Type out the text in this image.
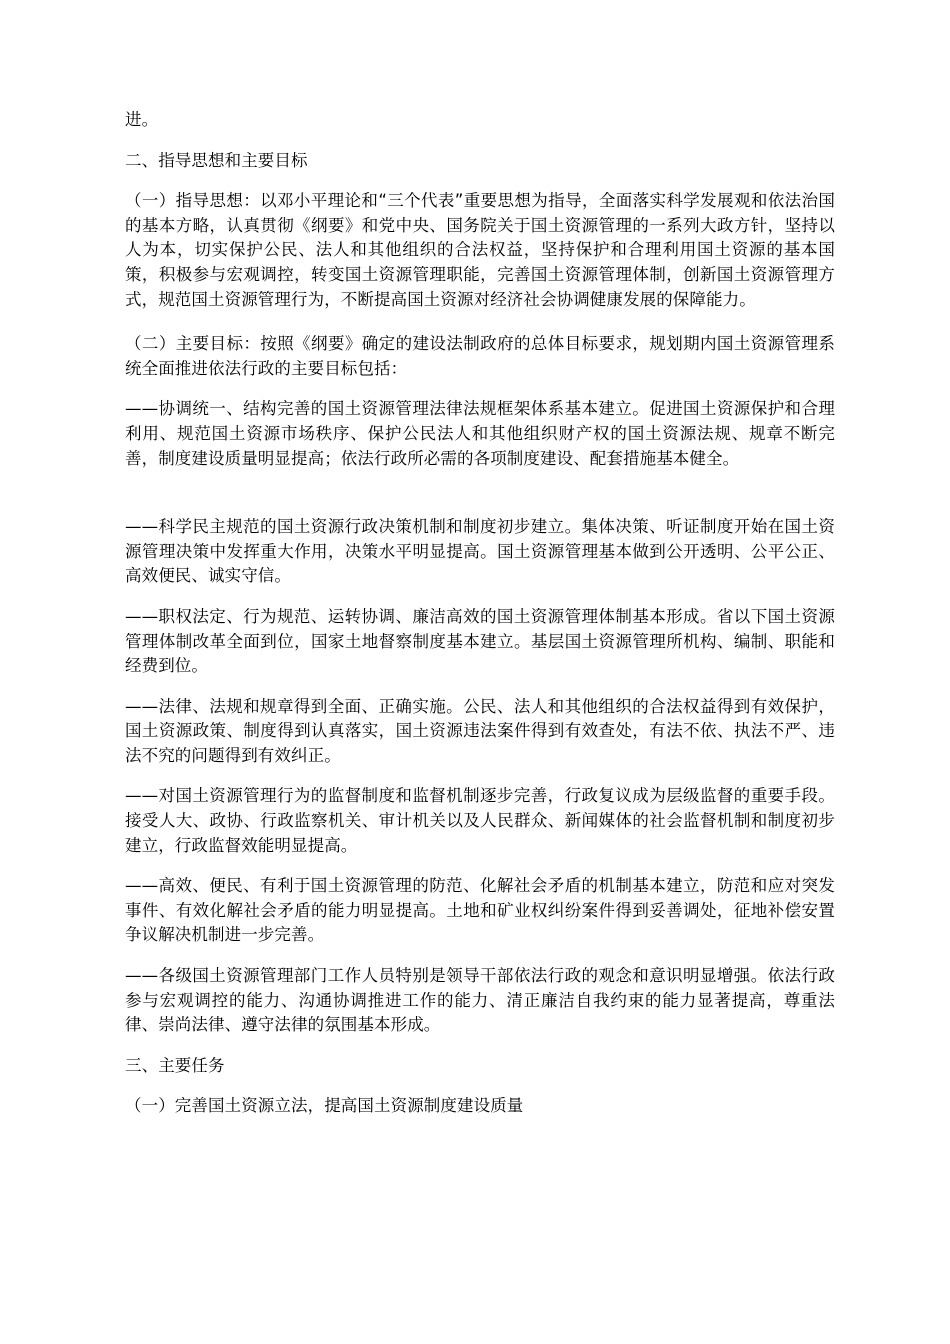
进。

二、指导思想和主要目标

（一）指导思想：以邓小平理论和“三个代表”重要思想为指导，全面落实科学发展观和依法治国的基本方略，认真贯彻《纲要》和党中央、国务院关于国土资源管理的一系列大政方针，坚持以人为本，切实保护公民、法人和其他组织的合法权益，坚持保护和合理利用国土资源的基本国策，积极参与宏观调控，转变国土资源管理职能，完善国土资源管理体制，创新国土资源管理方式，规范国土资源管理行为，不断提高国土资源对经济社会协调健康发展的保障能力。

（二）主要目标：按照《纲要》确定的建设法制政府的总体目标要求，规划期内国土资源管理系统全面推进依法行政的主要目标包括：

——协调统一、结构完善的国土资源管理法律法规框架体系基本建立。促进国土资源保护和合理利用、规范国土资源市场秩序、保护公民法人和其他组织财产权的国土资源法规、规章不断完善，制度建设质量明显提高；依法行政所必需的各项制度建设、配套措施基本健全。

——科学民主规范的国土资源行政决策机制和制度初步建立。集体决策、听证制度开始在国土资源管理决策中发挥重大作用，决策水平明显提高。国土资源管理基本做到公开透明、公平公正、高效便民、诚实守信。

——职权法定、行为规范、运转协调、廉洁高效的国土资源管理体制基本形成。省以下国土资源管理体制改革全面到位，国家土地督察制度基本建立。基层国土资源管理所机构、编制、职能和经费到位。

——法律、法规和规章得到全面、正确实施。公民、法人和其他组织的合法权益得到有效保护，国土资源政策、制度得到认真落实，国土资源违法案件得到有效查处，有法不依、执法不严、违法不究的问题得到有效纠正。

——对国土资源管理行为的监督制度和监督机制逐步完善，行政复议成为层级监督的重要手段。接受人大、政协、行政监察机关、审计机关以及人民群众、新闻媒体的社会监督机制和制度初步建立，行政监督效能明显提高。

——高效、便民、有利于国土资源管理的防范、化解社会矛盾的机制基本建立，防范和应对突发事件、有效化解社会矛盾的能力明显提高。土地和矿业权纠纷案件得到妥善调处，征地补偿安置争议解决机制进一步完善。

——各级国土资源管理部门工作人员特别是领导干部依法行政的观念和意识明显增强。依法行政参与宏观调控的能力、沟通协调推进工作的能力、清正廉洁自我约束的能力显著提高，尊重法律、崇尚法律、遵守法律的氛围基本形成。

三、主要任务

（一）完善国土资源立法，提高国土资源制度建设质量
